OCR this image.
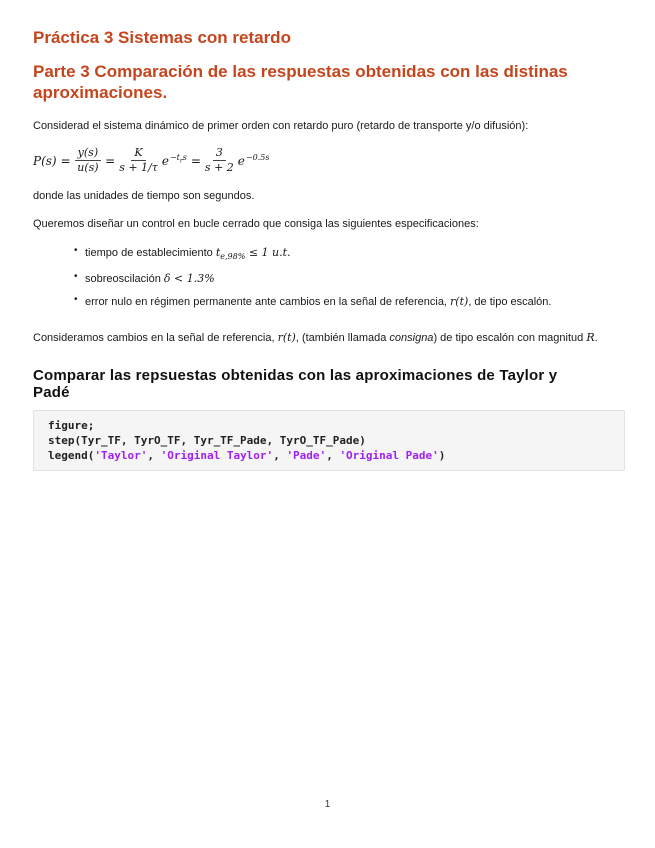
Práctica 3 Sistemas con retardo
Parte 3 Comparación de las respuestas obtenidas con las distinas aproximaciones.

Considerad el sistema dinámico de primer orden con retardo puro (retardo de transporte y/o difusión):

$P(s) = \frac{y(s)}{u(s)} = \frac{K}{s + 1/\tau} e^{-t_rs} = \frac{3}{s + 2} e^{-0.5s}$

donde las unidades de tiempo son segundos.

Queremos diseñar un control en bucle cerrado que consiga las siguientes especificaciones:

• tiempo de establecimiento $t_{e,98\%} \le 1$ u.t.
• sobreoscilación δ < 1.3%
• error nulo en régimen permanente ante cambios en la señal de referencia, r(t), de tipo escalón.

Consideramos cambios en la señal de referencia, r(t), (también llamada consigna) de tipo escalón con magnitud R.

Comparar las repsuestas obtenidas con las aproximaciones de Taylor y Padé
figure;
step(Tyr_TF, TyrO_TF, Tyr_TF_Pade, TyrO_TF_Pade)
legend('Taylor', 'Original Taylor', 'Pade', 'Original Pade')
1
